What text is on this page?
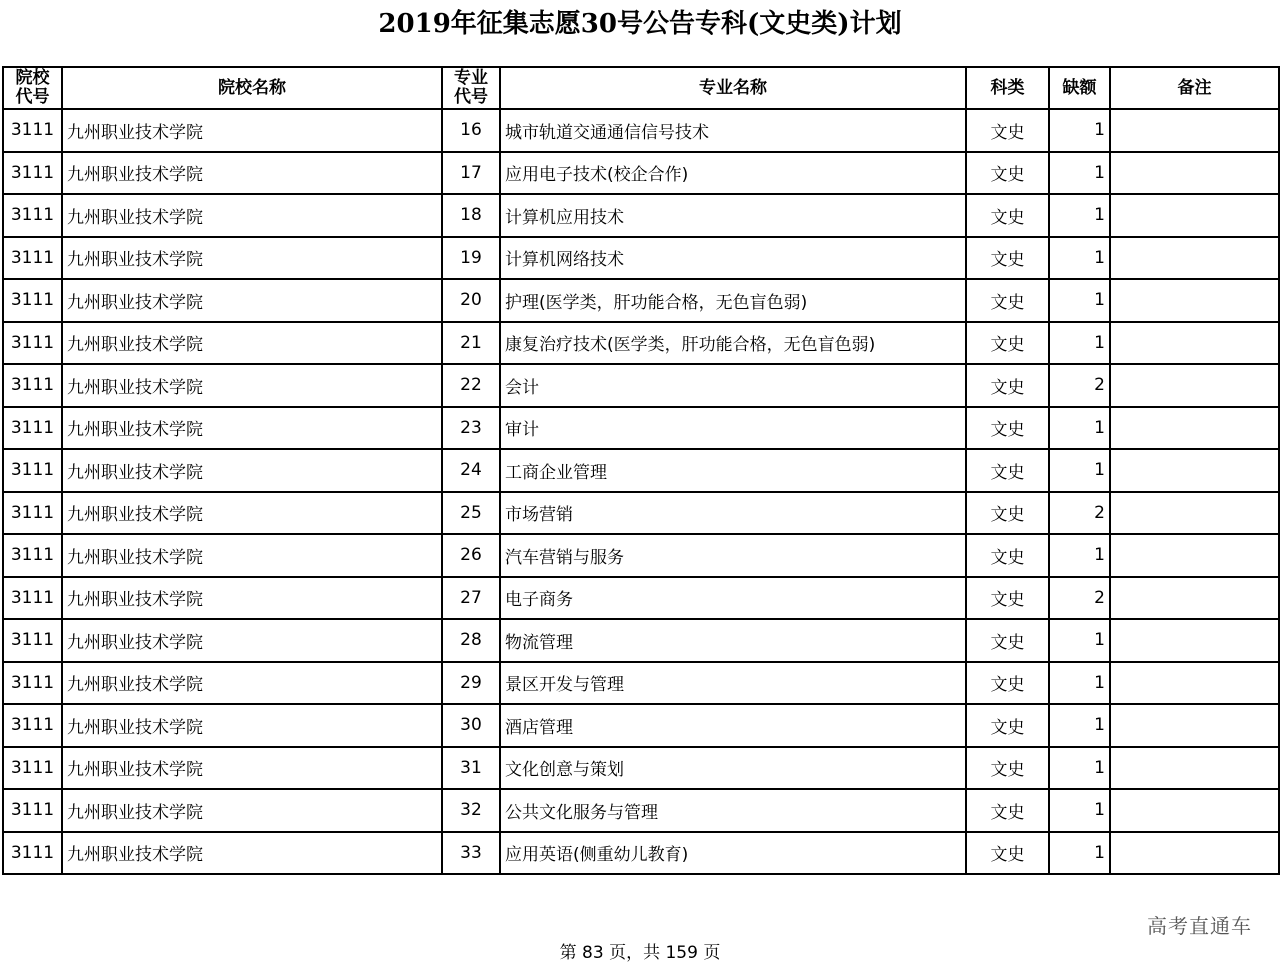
2019年征集志愿30号公告专科(文史类)计划
院校代号	院校名称	专业代号	专业名称	科类	缺额	备注
3111	九州职业技术学院	16	城市轨道交通通信信号技术	文史	1	
3111	九州职业技术学院	17	应用电子技术(校企合作)	文史	1	
3111	九州职业技术学院	18	计算机应用技术	文史	1	
3111	九州职业技术学院	19	计算机网络技术	文史	1	
3111	九州职业技术学院	20	护理(医学类，肝功能合格，无色盲色弱)	文史	1	
3111	九州职业技术学院	21	康复治疗技术(医学类，肝功能合格，无色盲色弱)	文史	1	
3111	九州职业技术学院	22	会计	文史	2	
3111	九州职业技术学院	23	审计	文史	1	
3111	九州职业技术学院	24	工商企业管理	文史	1	
3111	九州职业技术学院	25	市场营销	文史	2	
3111	九州职业技术学院	26	汽车营销与服务	文史	1	
3111	九州职业技术学院	27	电子商务	文史	2	
3111	九州职业技术学院	28	物流管理	文史	1	
3111	九州职业技术学院	29	景区开发与管理	文史	1	
3111	九州职业技术学院	30	酒店管理	文史	1	
3111	九州职业技术学院	31	文化创意与策划	文史	1	
3111	九州职业技术学院	32	公共文化服务与管理	文史	1	
3111	九州职业技术学院	33	应用英语(侧重幼儿教育)	文史	1	
高考直通车
第 83 页，共 159 页
